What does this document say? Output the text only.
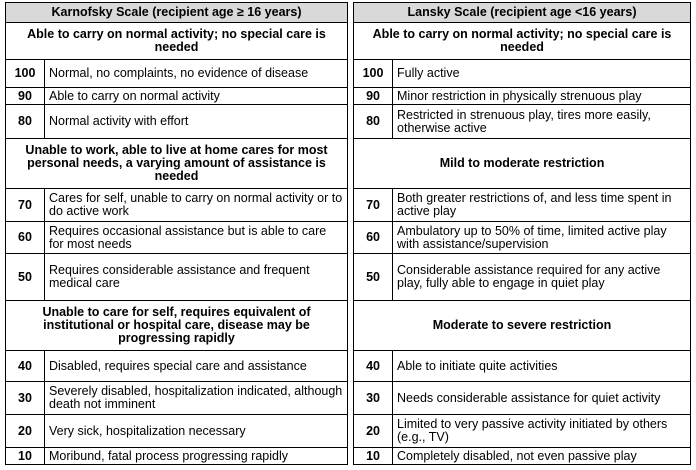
Karnofsky Scale (recipient age ≥ 16 years)			Lansky Scale (recipient age <16 years)	
Able to carry on normal activity; no special care is needed			Able to carry on normal activity; no special care is needed	
100	Normal, no complaints, no evidence of disease		100	Fully active
90	Able to carry on normal activity		90	Minor restriction in physically strenuous play
80	Normal activity with effort		80	Restricted in strenuous play, tires more easily, otherwise active
Unable to work, able to live at home cares for most personal needs, a varying amount of assistance is needed			Mild to moderate restriction	
70	Cares for self, unable to carry on normal activity or to do active work		70	Both greater restrictions of, and less time spent in active play
60	Requires occasional assistance but is able to care for most needs		60	Ambulatory up to 50% of time, limited active play with assistance/supervision
50	Requires considerable assistance and frequent medical care		50	Considerable assistance required for any active play, fully able to engage in quiet play
Unable to care for self, requires equivalent of institutional or hospital care, disease may be progressing rapidly			Moderate to severe restriction	
40	Disabled, requires special care and assistance		40	Able to initiate quite activities
30	Severely disabled, hospitalization indicated, although death not imminent		30	Needs considerable assistance for quiet activity
20	Very sick, hospitalization necessary		20	Limited to very passive activity initiated by others (e.g., TV)
10	Moribund, fatal process progressing rapidly		10	Completely disabled, not even passive play
